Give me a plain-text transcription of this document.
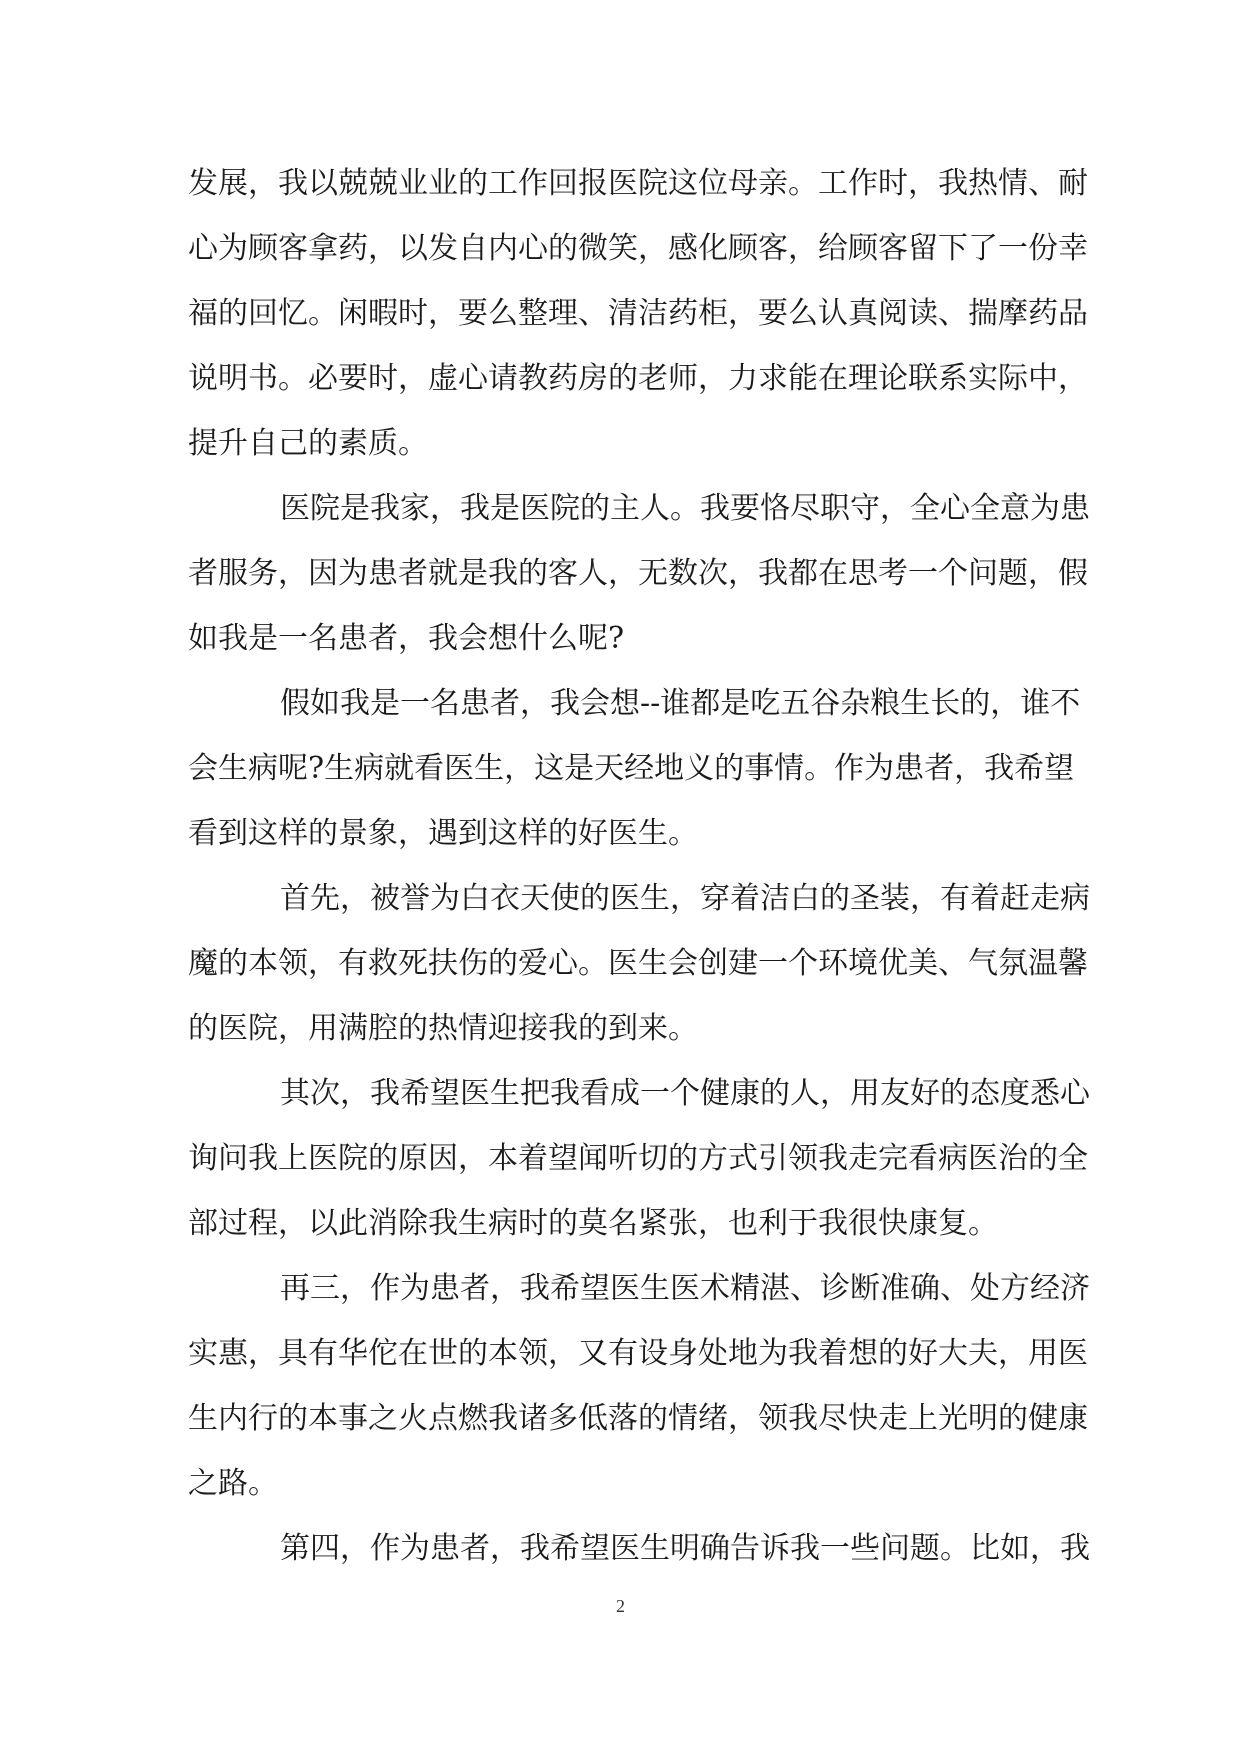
发展，我以兢兢业业的工作回报医院这位母亲。工作时，我热情、耐
心为顾客拿药，以发自内心的微笑，感化顾客，给顾客留下了一份幸
福的回忆。闲暇时，要么整理、清洁药柜，要么认真阅读、揣摩药品
说明书。必要时，虚心请教药房的老师，力求能在理论联系实际中，
提升自己的素质。
医院是我家，我是医院的主人。我要恪尽职守，全心全意为患
者服务，因为患者就是我的客人，无数次，我都在思考一个问题，假
如我是一名患者，我会想什么呢?
假如我是一名患者，我会想--谁都是吃五谷杂粮生长的，谁不
会生病呢?生病就看医生，这是天经地义的事情。作为患者，我希望
看到这样的景象，遇到这样的好医生。
首先，被誉为白衣天使的医生，穿着洁白的圣装，有着赶走病
魔的本领，有救死扶伤的爱心。医生会创建一个环境优美、气氛温馨
的医院，用满腔的热情迎接我的到来。
其次，我希望医生把我看成一个健康的人，用友好的态度悉心
询问我上医院的原因，本着望闻听切的方式引领我走完看病医治的全
部过程，以此消除我生病时的莫名紧张，也利于我很快康复。
再三，作为患者，我希望医生医术精湛、诊断准确、处方经济
实惠，具有华佗在世的本领，又有设身处地为我着想的好大夫，用医
生内行的本事之火点燃我诸多低落的情绪，领我尽快走上光明的健康
之路。
第四，作为患者，我希望医生明确告诉我一些问题。比如，我
2
